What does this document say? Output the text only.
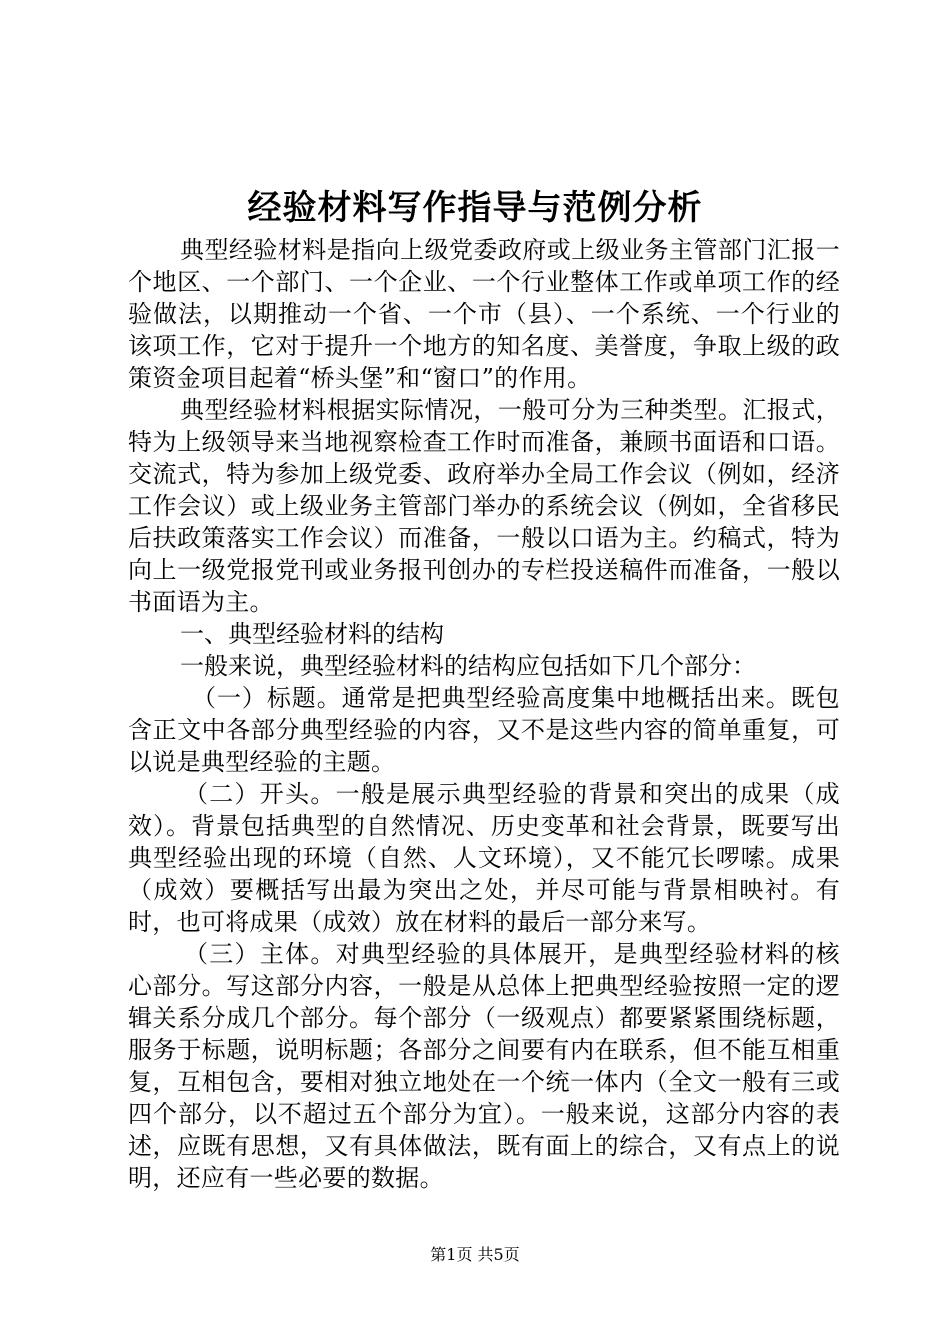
经验材料写作指导与范例分析

典型经验材料是指向上级党委政府或上级业务主管部门汇报一个地区、一个部门、一个企业、一个行业整体工作或单项工作的经验做法，以期推动一个省、一个市（县）、一个系统、一个行业的该项工作，它对于提升一个地方的知名度、美誉度，争取上级的政策资金项目起着“桥头堡”和“窗口”的作用。

典型经验材料根据实际情况，一般可分为三种类型。汇报式，特为上级领导来当地视察检查工作时而准备，兼顾书面语和口语。交流式，特为参加上级党委、政府举办全局工作会议（例如，经济工作会议）或上级业务主管部门举办的系统会议（例如，全省移民后扶政策落实工作会议）而准备，一般以口语为主。约稿式，特为向上一级党报党刊或业务报刊创办的专栏投送稿件而准备，一般以书面语为主。

一、典型经验材料的结构

一般来说，典型经验材料的结构应包括如下几个部分：

（一）标题。通常是把典型经验高度集中地概括出来。既包含正文中各部分典型经验的内容，又不是这些内容的简单重复，可以说是典型经验的主题。

（二）开头。一般是展示典型经验的背景和突出的成果（成效）。背景包括典型的自然情况、历史变革和社会背景，既要写出典型经验出现的环境（自然、人文环境），又不能冗长啰嗦。成果（成效）要概括写出最为突出之处，并尽可能与背景相映衬。有时，也可将成果（成效）放在材料的最后一部分来写。

（三）主体。对典型经验的具体展开，是典型经验材料的核心部分。写这部分内容，一般是从总体上把典型经验按照一定的逻辑关系分成几个部分。每个部分（一级观点）都要紧紧围绕标题，服务于标题，说明标题；各部分之间要有内在联系，但不能互相重复，互相包含，要相对独立地处在一个统一体内（全文一般有三或四个部分，以不超过五个部分为宜）。一般来说，这部分内容的表述，应既有思想，又有具体做法，既有面上的综合，又有点上的说明，还应有一些必要的数据。

第1页 共5页
